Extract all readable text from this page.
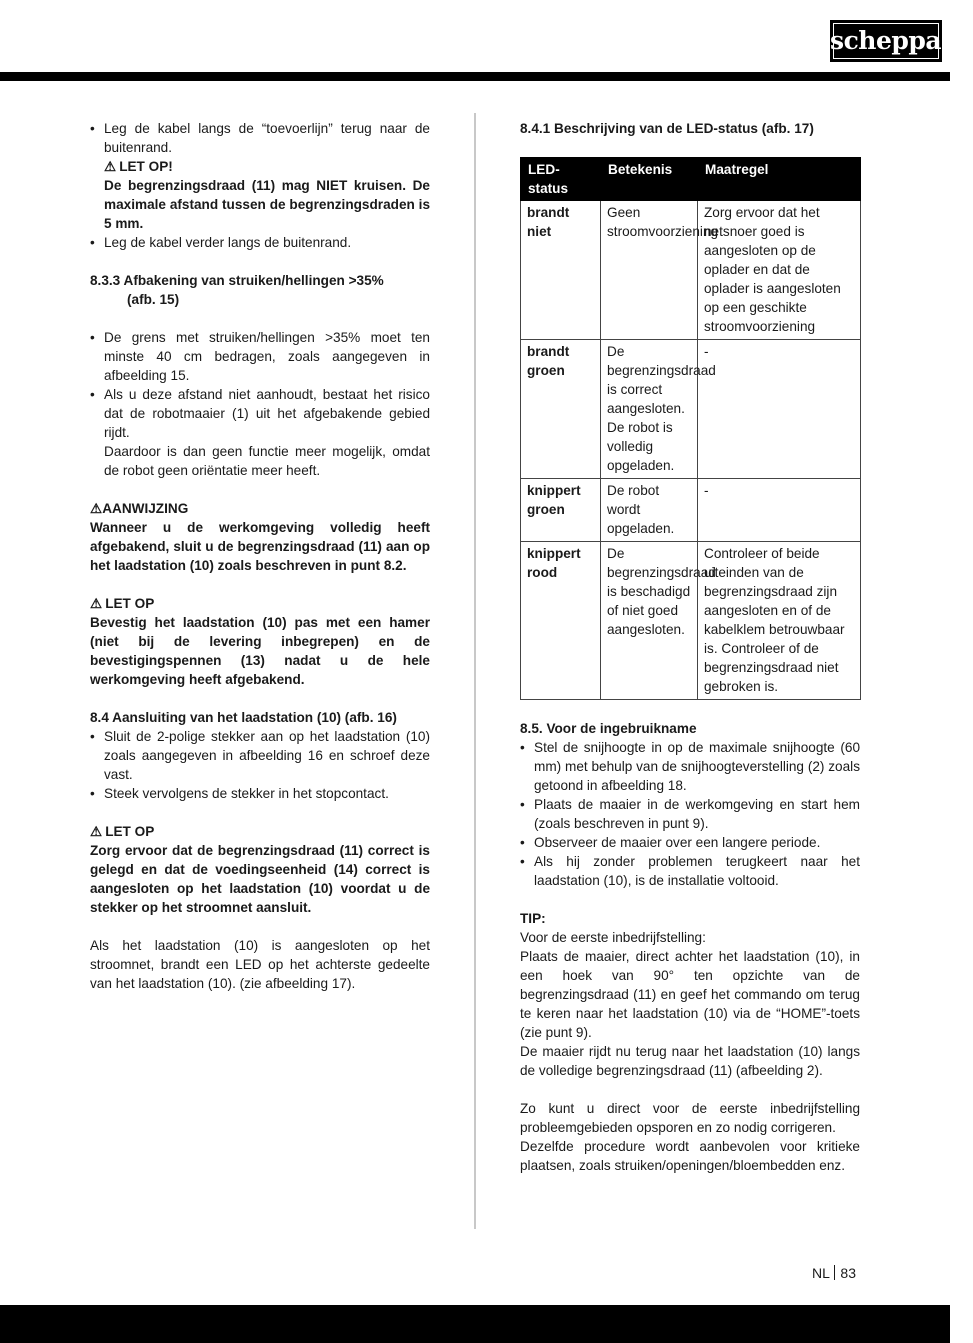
scheppach
• Leg de kabel langs de “toevoerlijn” terug naar de buitenrand.
⚠ LET OP!

De begrenzingsdraad (11) mag NIET kruisen. De maximale afstand tussen de begrenzingsdraden is 5 mm.

• Leg de kabel verder langs de buitenrand.

8.3.3 Afbakening van struiken/hellingen >35%

(afb. 15)
• De grens met struiken/hellingen >35% moet ten minste 40 cm bedragen, zoals aangegeven in afbeelding 15.
• Als u deze afstand niet aanhoudt, bestaat het risico dat de robotmaaier (1) uit het afgebakende gebied rijdt.

Daardoor is dan geen functie meer mogelijk, omdat de robot geen oriëntatie meer heeft.

⚠AANWIJZING

Wanneer u de werkomgeving volledig heeft afgebakend, sluit u de begrenzingsdraad (11) aan op het laadstation (10) zoals beschreven in punt 8.2.

⚠ LET OP

Bevestig het laadstation (10) pas met een hamer (niet bij de levering inbegrepen) en de bevestigingspennen (13) nadat u de hele werkomgeving heeft afgebakend.

8.4 Aansluiting van het laadstation (10) (afb. 16)

• Sluit de 2-polige stekker aan op het laadstation (10) zoals aangegeven in afbeelding 16 en schroef deze vast.
• Steek vervolgens de stekker in het stopcontact.
⚠ LET OP

Zorg ervoor dat de begrenzingsdraad (11) correct is gelegd en dat de voedingseenheid (14) correct is aangesloten op het laadstation (10) voordat u de stekker op het stroomnet aansluit.

Als het laadstation (10) is aangesloten op het stroomnet, brandt een LED op het achterste gedeelte van het laadstation (10). (zie afbeelding 17).

8.4.1 Beschrijving van de LED-status (afb. 17)

LED-status	Betekenis	Maatregel
brandt niet	Geen stroomvoorziening	Zorg ervoor dat het netsnoer goed is aangesloten op de oplader en dat de oplader is aangesloten op een geschikte stroomvoorziening
brandt groen	De begrenzingsdraad is correct aangesloten. De robot is volledig opgeladen.	-
knippert groen	De robot wordt opgeladen.	-
knippert rood	De begrenzingsdraad is beschadigd of niet goed aangesloten.	Controleer of beide uiteinden van de begrenzingsdraad zijn aangesloten en of de kabelklem betrouwbaar is. Controleer of de begrenzingsdraad niet gebroken is.

8.5. Voor de ingebruikname

• Stel de snijhoogte in op de maximale snijhoogte (60 mm) met behulp van de snijhoogteverstelling (2) zoals getoond in afbeelding 18.
• Plaats de maaier in de werkomgeving en start hem (zoals beschreven in punt 9).
• Observeer de maaier over een langere periode.
• Als hij zonder problemen terugkeert naar het laadstation (10), is de installatie voltooid.

TIP:

Voor de eerste inbedrijfstelling:

Plaats de maaier, direct achter het laadstation (10), in een hoek van 90° ten opzichte van de begrenzingsdraad (11) en geef het commando om terug te keren naar het laadstation (10) via de “HOME”-toets (zie punt 9).

De maaier rijdt nu terug naar het laadstation (10) langs de volledige begrenzingsdraad (11) (afbeelding 2).

Zo kunt u direct voor de eerste inbedrijfstelling probleemgebieden opsporen en zo nodig corrigeren.

Dezelfde procedure wordt aanbevolen voor kritieke plaatsen, zoals struiken/openingen/bloembedden enz.

NL 83
